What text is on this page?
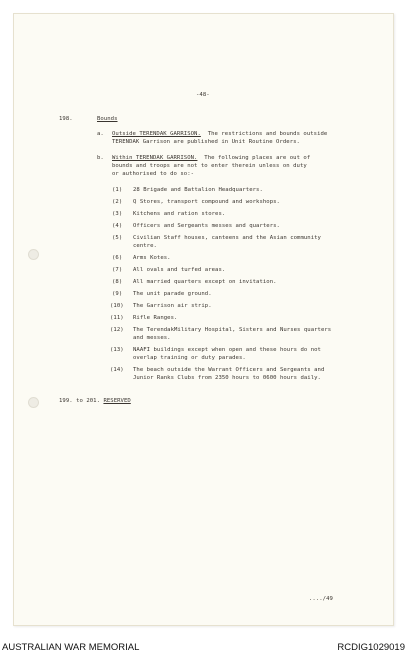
-48-
198.	Bounds
a. Outside TERENDAK GARRISON. The restrictions and bounds outside
TERENDAK Garrison are published in Unit Routine Orders.
b. Within TERENDAK GARRISON. The following places are out of
bounds and troops are not to enter therein unless on duty
or authorised to do so:-
(1) 28 Brigade and Battalion Headquarters.
(2) Q Stores, transport compound and workshops.
(3) Kitchens and ration stores.
(4) Officers and Sergeants messes and quarters.
(5) Civilian Staff houses, canteens and the Asian community
centre.
(6) Arms Kotes.
(7) All ovals and turfed areas.
(8) All married quarters except on invitation.
(9) The unit parade ground.
(10) The Garrison air strip.
(11) Rifle Ranges.
(12) The TerendakMilitary Hospital, Sisters and Nurses quarters
and messes.
(13) NAAFI buildings except when open and these hours do not
overlap training or duty parades.
(14) The beach outside the Warrant Officers and Sergeants and
Junior Ranks Clubs from 2350 hours to 0600 hours daily.
199. to 201. RESERVED
..../49
AUSTRALIAN WAR MEMORIAL	RCDIG1029019
